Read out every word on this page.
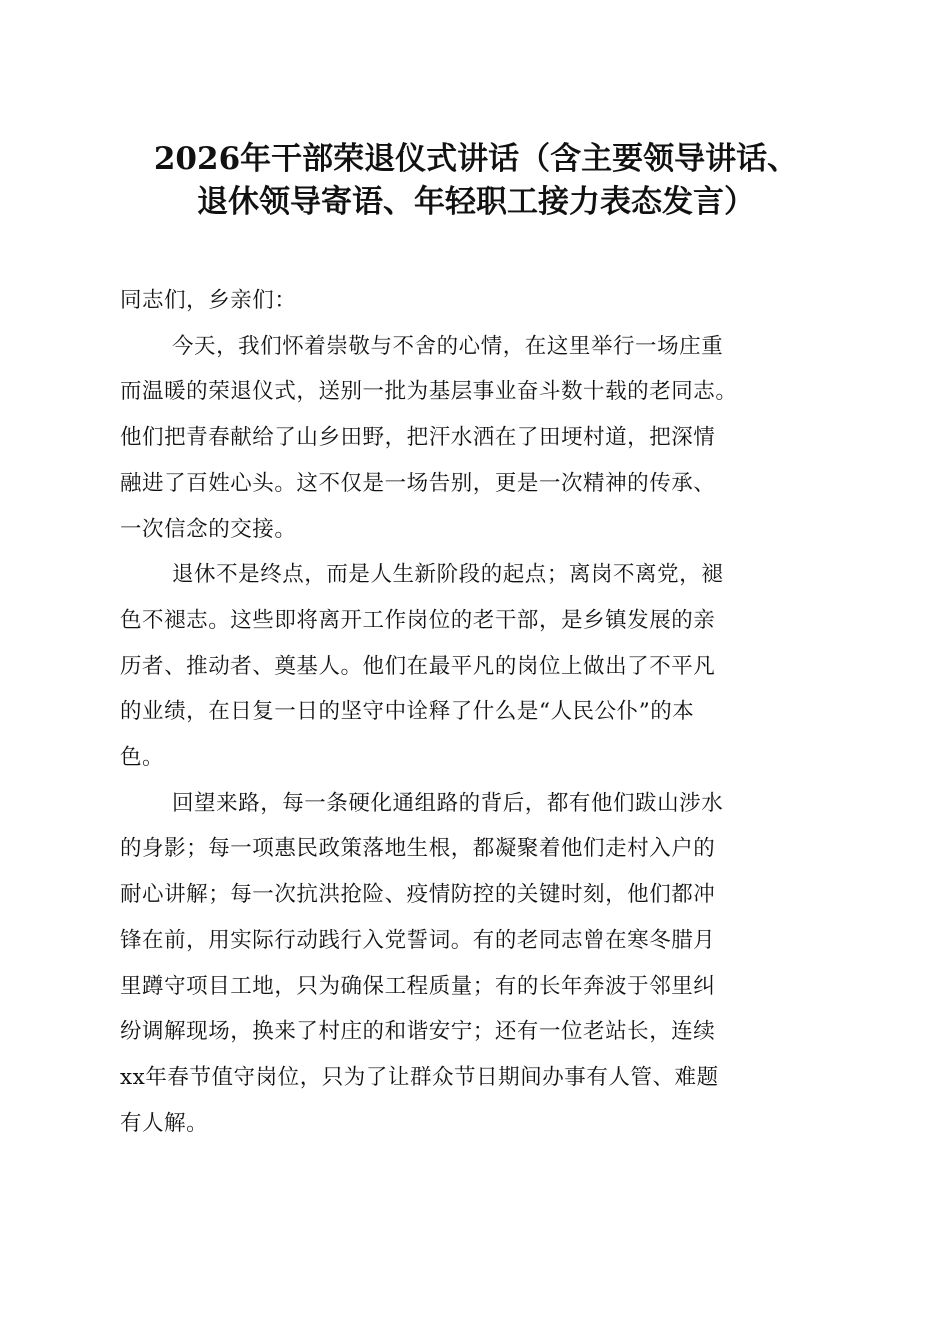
2026年干部荣退仪式讲话（含主要领导讲话、
退休领导寄语、年轻职工接力表态发言）

同志们，乡亲们：

今天，我们怀着崇敬与不舍的心情，在这里举行一场庄重
而温暖的荣退仪式，送别一批为基层事业奋斗数十载的老同志。
他们把青春献给了山乡田野，把汗水洒在了田埂村道，把深情
融进了百姓心头。这不仅是一场告别，更是一次精神的传承、
一次信念的交接。

退休不是终点，而是人生新阶段的起点；离岗不离党，褪
色不褪志。这些即将离开工作岗位的老干部，是乡镇发展的亲
历者、推动者、奠基人。他们在最平凡的岗位上做出了不平凡
的业绩，在日复一日的坚守中诠释了什么是“人民公仆”的本
色。

回望来路，每一条硬化通组路的背后，都有他们跋山涉水
的身影；每一项惠民政策落地生根，都凝聚着他们走村入户的
耐心讲解；每一次抗洪抢险、疫情防控的关键时刻，他们都冲
锋在前，用实际行动践行入党誓词。有的老同志曾在寒冬腊月
里蹲守项目工地，只为确保工程质量；有的长年奔波于邻里纠
纷调解现场，换来了村庄的和谐安宁；还有一位老站长，连续
xx年春节值守岗位，只为了让群众节日期间办事有人管、难题
有人解。
